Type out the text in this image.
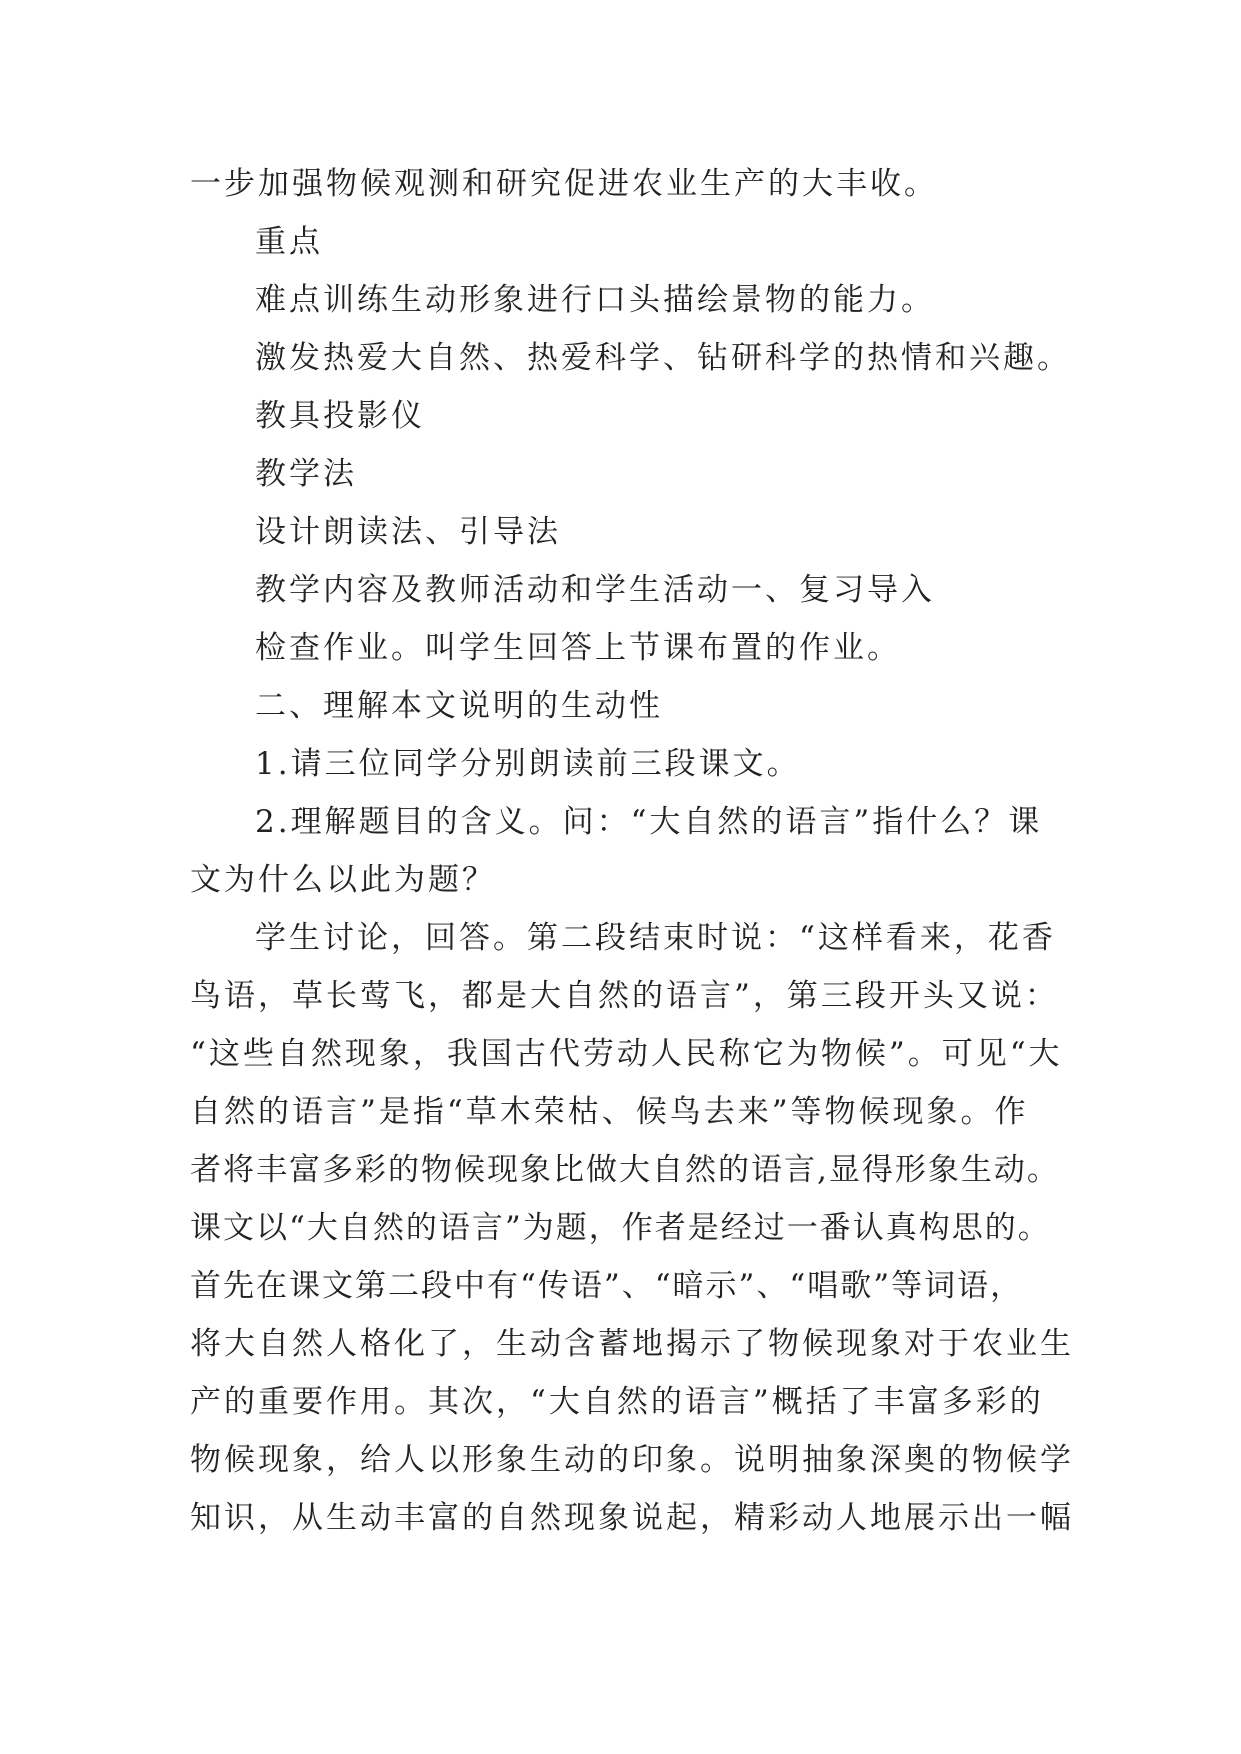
一步加强物候观测和研究促进农业生产的大丰收。
重点
难点训练生动形象进行口头描绘景物的能力。
激发热爱大自然、热爱科学、钻研科学的热情和兴趣。
教具投影仪
教学法
设计朗读法、引导法
教学内容及教师活动和学生活动一、复习导入
检查作业。叫学生回答上节课布置的作业。
二、理解本文说明的生动性
1.请三位同学分别朗读前三段课文。
2.理解题目的含义。问：“大自然的语言”指什么？课
文为什么以此为题？
学生讨论，回答。第二段结束时说：“这样看来，花香
鸟语，草长莺飞，都是大自然的语言”，第三段开头又说：
“这些自然现象，我国古代劳动人民称它为物候”。可见“大
自然的语言”是指“草木荣枯、候鸟去来”等物候现象。作
者将丰富多彩的物候现象比做大自然的语言,显得形象生动。
课文以“大自然的语言”为题，作者是经过一番认真构思的。
首先在课文第二段中有“传语”、“暗示”、“唱歌”等词语，
将大自然人格化了，生动含蓄地揭示了物候现象对于农业生
产的重要作用。其次，“大自然的语言”概括了丰富多彩的
物候现象，给人以形象生动的印象。说明抽象深奥的物候学
知识，从生动丰富的自然现象说起，精彩动人地展示出一幅
